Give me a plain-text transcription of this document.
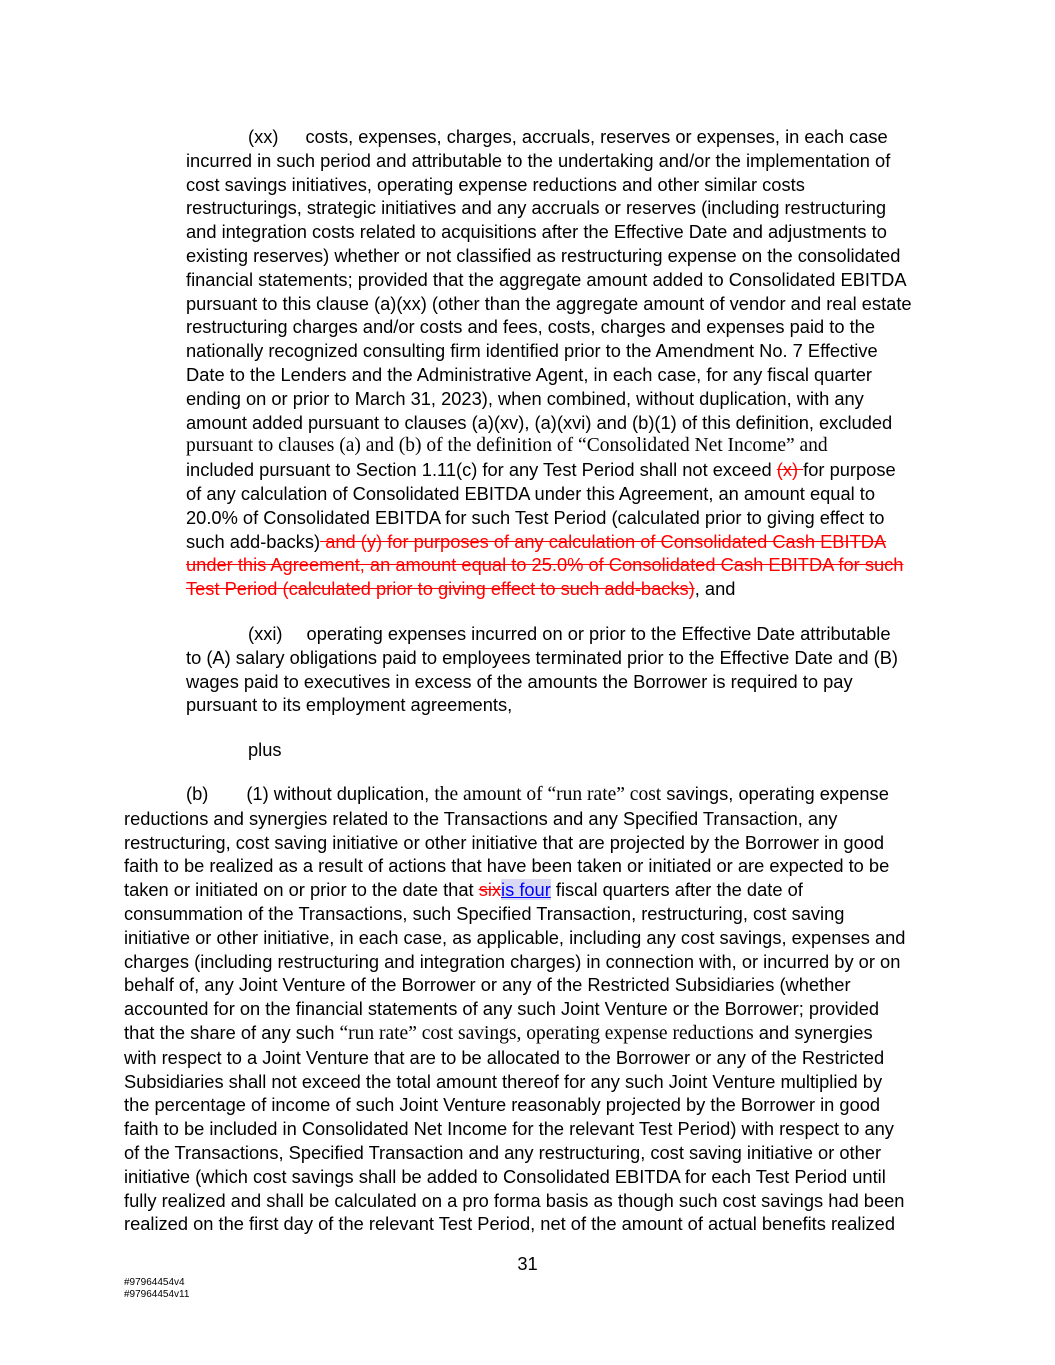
(xx) costs, expenses, charges, accruals, reserves or expenses, in each case
incurred in such period and attributable to the undertaking and/or the implementation of
cost savings initiatives, operating expense reductions and other similar costs
restructurings, strategic initiatives and any accruals or reserves (including restructuring
and integration costs related to acquisitions after the Effective Date and adjustments to
existing reserves) whether or not classified as restructuring expense on the consolidated
financial statements; provided that the aggregate amount added to Consolidated EBITDA
pursuant to this clause (a)(xx) (other than the aggregate amount of vendor and real estate
restructuring charges and/or costs and fees, costs, charges and expenses paid to the
nationally recognized consulting firm identified prior to the Amendment No. 7 Effective
Date to the Lenders and the Administrative Agent, in each case, for any fiscal quarter
ending on or prior to March 31, 2023), when combined, without duplication, with any
amount added pursuant to clauses (a)(xv), (a)(xvi) and (b)(1) of this definition, excluded
pursuant to clauses (a) and (b) of the definition of “Consolidated Net Income” and
included pursuant to Section 1.11(c) for any Test Period shall not exceed (x) for purpose
of any calculation of Consolidated EBITDA under this Agreement, an amount equal to
20.0% of Consolidated EBITDA for such Test Period (calculated prior to giving effect to
such add-backs) and (y) for purposes of any calculation of Consolidated Cash EBITDA
under this Agreement, an amount equal to 25.0% of Consolidated Cash EBITDA for such
Test Period (calculated prior to giving effect to such add-backs), and
(xxi) operating expenses incurred on or prior to the Effective Date attributable
to (A) salary obligations paid to employees terminated prior to the Effective Date and (B)
wages paid to executives in excess of the amounts the Borrower is required to pay
pursuant to its employment agreements,
plus
(b) (1) without duplication, the amount of “run rate” cost savings, operating expense
reductions and synergies related to the Transactions and any Specified Transaction, any
restructuring, cost saving initiative or other initiative that are projected by the Borrower in good
faith to be realized as a result of actions that have been taken or initiated or are expected to be
taken or initiated on or prior to the date that sixis four fiscal quarters after the date of
consummation of the Transactions, such Specified Transaction, restructuring, cost saving
initiative or other initiative, in each case, as applicable, including any cost savings, expenses and
charges (including restructuring and integration charges) in connection with, or incurred by or on
behalf of, any Joint Venture of the Borrower or any of the Restricted Subsidiaries (whether
accounted for on the financial statements of any such Joint Venture or the Borrower; provided
that the share of any such “run rate” cost savings, operating expense reductions and synergies
with respect to a Joint Venture that are to be allocated to the Borrower or any of the Restricted
Subsidiaries shall not exceed the total amount thereof for any such Joint Venture multiplied by
the percentage of income of such Joint Venture reasonably projected by the Borrower in good
faith to be included in Consolidated Net Income for the relevant Test Period) with respect to any
of the Transactions, Specified Transaction and any restructuring, cost saving initiative or other
initiative (which cost savings shall be added to Consolidated EBITDA for each Test Period until
fully realized and shall be calculated on a pro forma basis as though such cost savings had been
realized on the first day of the relevant Test Period, net of the amount of actual benefits realized
31
#97964454v4
#97964454v11
